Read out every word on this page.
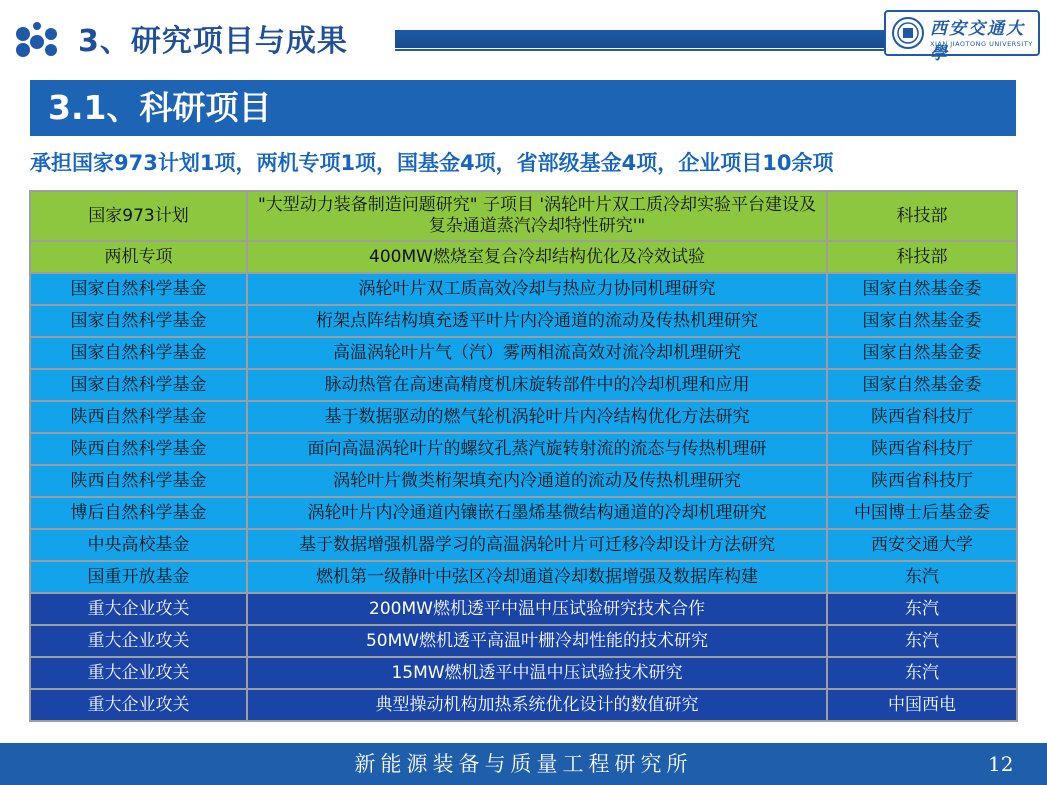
3、研究项目与成果	西安交通大學
XIAN JIAOTONG UNIVERSITY
3.1、科研项目
承担国家973计划1项，两机专项1项，国基金4项，省部级基金4项，企业项目10余项
国家973计划	"大型动力装备制造问题研究" 子项目 '涡轮叶片双工质冷却实验平台建设及复杂通道蒸汽冷却特性研究'"	科技部
两机专项	400MW燃烧室复合冷却结构优化及冷效试验	科技部
国家自然科学基金	涡轮叶片双工质高效冷却与热应力协同机理研究	国家自然基金委
国家自然科学基金	桁架点阵结构填充透平叶片内冷通道的流动及传热机理研究	国家自然基金委
国家自然科学基金	高温涡轮叶片气（汽）雾两相流高效对流冷却机理研究	国家自然基金委
国家自然科学基金	脉动热管在高速高精度机床旋转部件中的冷却机理和应用	国家自然基金委
陕西自然科学基金	基于数据驱动的燃气轮机涡轮叶片内冷结构优化方法研究	陕西省科技厅
陕西自然科学基金	面向高温涡轮叶片的螺纹孔蒸汽旋转射流的流态与传热机理研	陕西省科技厅
陕西自然科学基金	涡轮叶片微类桁架填充内冷通道的流动及传热机理研究	陕西省科技厅
博后自然科学基金	涡轮叶片内冷通道内镶嵌石墨烯基微结构通道的冷却机理研究	中国博士后基金委
中央高校基金	基于数据增强机器学习的高温涡轮叶片可迁移冷却设计方法研究	西安交通大学
国重开放基金	燃机第一级静叶中弦区冷却通道冷却数据增强及数据库构建	东汽
重大企业攻关	200MW燃机透平中温中压试验研究技术合作	东汽
重大企业攻关	50MW燃机透平高温叶栅冷却性能的技术研究	东汽
重大企业攻关	15MW燃机透平中温中压试验技术研究	东汽
重大企业攻关	典型操动机构加热系统优化设计的数值研究	中国西电
新能源装备与质量工程研究所	12
